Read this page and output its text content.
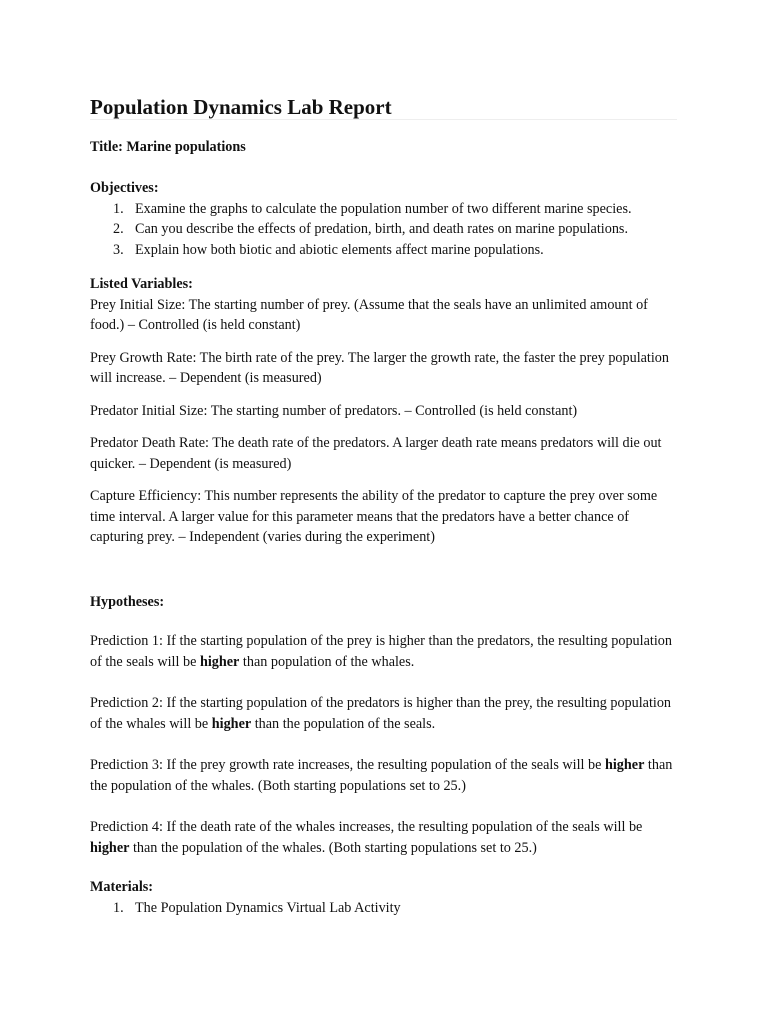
Population Dynamics Lab Report

Title: Marine populations

Objectives:

1. Examine the graphs to calculate the population number of two different marine species.
2. Can you describe the effects of predation, birth, and death rates on marine populations.
3. Explain how both biotic and abiotic elements affect marine populations.

Listed Variables:

Prey Initial Size: The starting number of prey. (Assume that the seals have an unlimited amount of food.) – Controlled (is held constant)

Prey Growth Rate: The birth rate of the prey. The larger the growth rate, the faster the prey population will increase. – Dependent (is measured)

Predator Initial Size: The starting number of predators. – Controlled (is held constant)

Predator Death Rate: The death rate of the predators. A larger death rate means predators will die out quicker. – Dependent (is measured)

Capture Efficiency: This number represents the ability of the predator to capture the prey over some time interval. A larger value for this parameter means that the predators have a better chance of capturing prey. – Independent (varies during the experiment)

Hypotheses:

Prediction 1: If the starting population of the prey is higher than the predators, the resulting population of the seals will be higher than population of the whales.

Prediction 2: If the starting population of the predators is higher than the prey, the resulting population of the whales will be higher than the population of the seals.

Prediction 3: If the prey growth rate increases, the resulting population of the seals will be higher than the population of the whales. (Both starting populations set to 25.)

Prediction 4: If the death rate of the whales increases, the resulting population of the seals will be higher than the population of the whales. (Both starting populations set to 25.)

Materials:

1. The Population Dynamics Virtual Lab Activity
